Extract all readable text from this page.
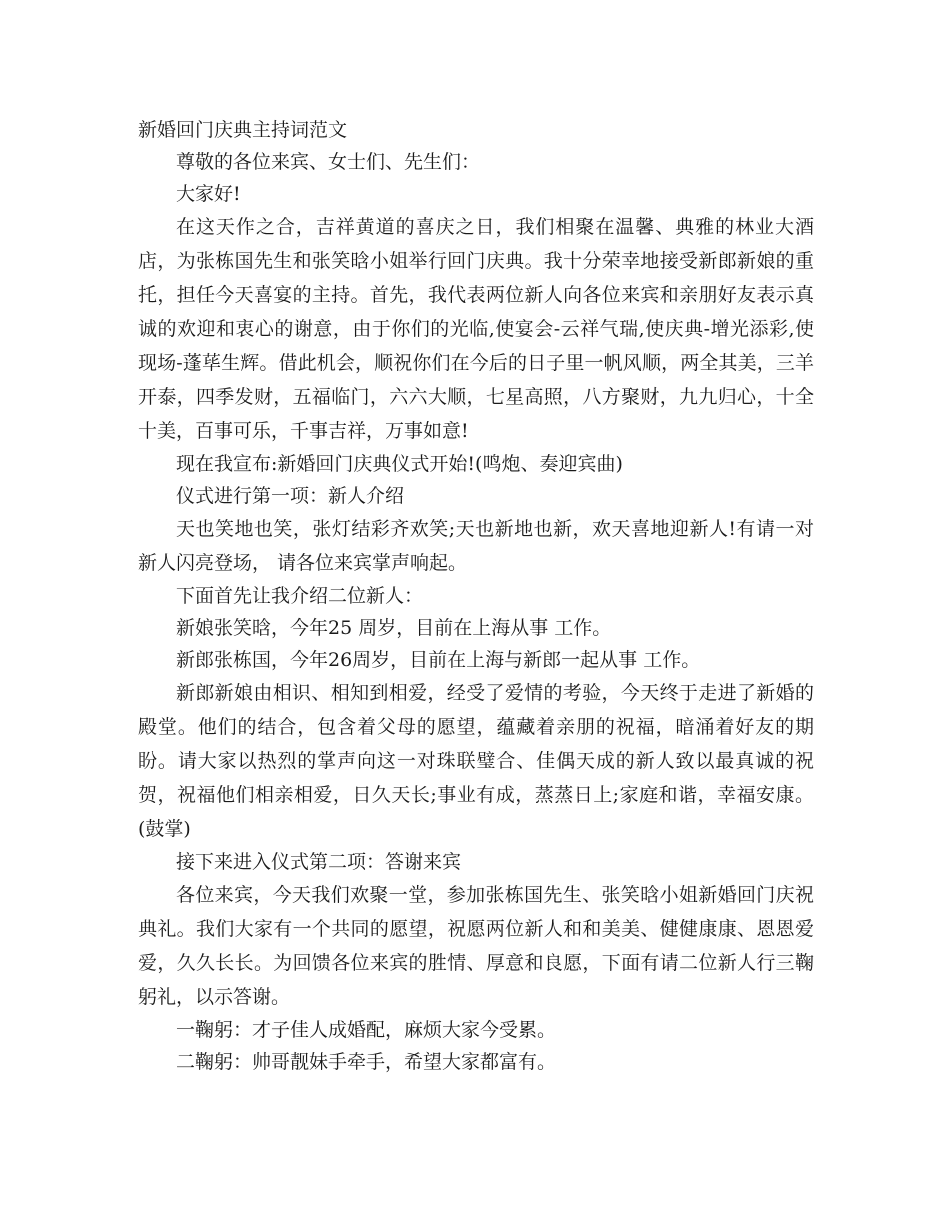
新婚回门庆典主持词范文

尊敬的各位来宾、女士们、先生们：

大家好!

在这天作之合，吉祥黄道的喜庆之日，我们相聚在温馨、典雅的林业大酒店，为张栋国先生和张笑晗小姐举行回门庆典。我十分荣幸地接受新郎新娘的重托，担任今天喜宴的主持。首先，我代表两位新人向各位来宾和亲朋好友表示真诚的欢迎和衷心的谢意，由于你们的光临,使宴会-云祥气瑞,使庆典-增光添彩,使现场-蓬荜生辉。借此机会，顺祝你们在今后的日子里一帆风顺，两全其美，三羊开泰，四季发财，五福临门，六六大顺，七星高照，八方聚财，九九归心，十全十美，百事可乐，千事吉祥，万事如意!

现在我宣布:新婚回门庆典仪式开始!(鸣炮、奏迎宾曲)

仪式进行第一项：新人介绍

天也笑地也笑，张灯结彩齐欢笑;天也新地也新，欢天喜地迎新人!有请一对新人闪亮登场， 请各位来宾掌声响起。

下面首先让我介绍二位新人：

新娘张笑晗，今年25 周岁，目前在上海从事 工作。

新郎张栋国，今年26周岁，目前在上海与新郎一起从事 工作。

新郎新娘由相识、相知到相爱，经受了爱情的考验，今天终于走进了新婚的殿堂。他们的结合，包含着父母的愿望，蕴藏着亲朋的祝福，暗涌着好友的期盼。请大家以热烈的掌声向这一对珠联璧合、佳偶天成的新人致以最真诚的祝贺，祝福他们相亲相爱，日久天长;事业有成，蒸蒸日上;家庭和谐，幸福安康。(鼓掌)

接下来进入仪式第二项：答谢来宾

各位来宾，今天我们欢聚一堂，参加张栋国先生、张笑晗小姐新婚回门庆祝典礼。我们大家有一个共同的愿望，祝愿两位新人和和美美、健健康康、恩恩爱爱，久久长长。为回馈各位来宾的胜情、厚意和良愿，下面有请二位新人行三鞠躬礼，以示答谢。

一鞠躬：才子佳人成婚配，麻烦大家今受累。

二鞠躬：帅哥靓妹手牵手，希望大家都富有。
